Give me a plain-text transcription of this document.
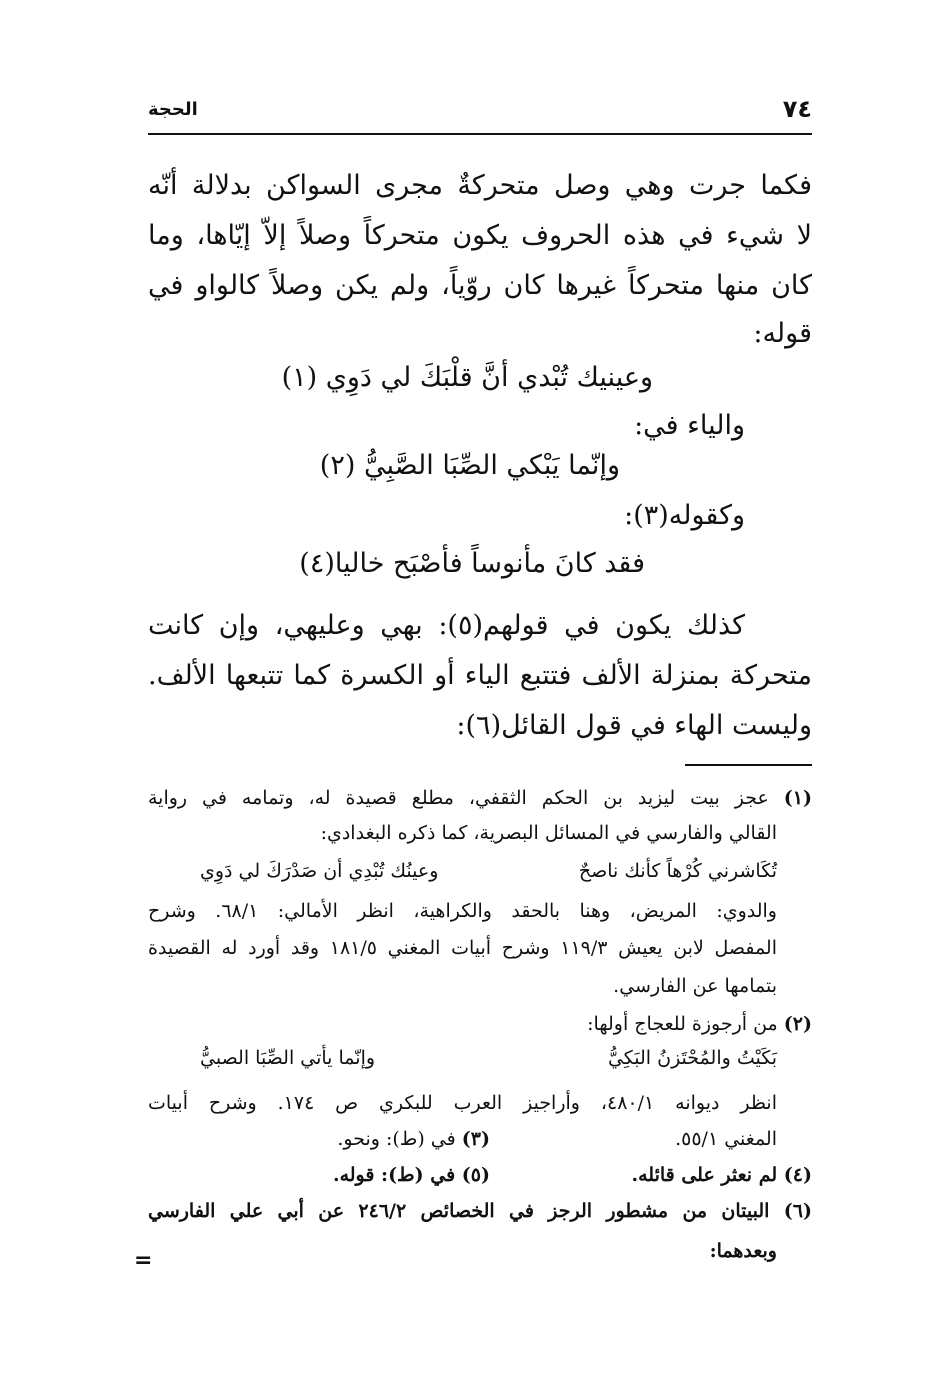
٧٤
الحجة
فكما جرت وهي وصل متحركةٌ مجرى السواكن بدلالة أنّه
لا شيء في هذه الحروف يكون متحركاً وصلاً إلاّ إيّاها، وما
كان منها متحركاً غيرها كان روّياً، ولم يكن وصلاً كالواو في
قوله:
وعينيك تُبْدي أنَّ قلْبَكَ لي دَوِي (١)
والياء في:
وإنّما يَبْكي الصِّبَا الصَّبِيُّ (٢)
وكقوله(٣):
فقد كانَ مأنوساً فأصْبَح خاليا(٤)
كذلك يكون في قولهم(٥): بهي وعليهي، وإن كانت
متحركة بمنزلة الألف فتتبع الياء أو الكسرة كما تتبعها الألف.
وليست الهاء في قول القائل(٦):
(١) عجز بيت ليزيد بن الحكم الثقفي، مطلع قصيدة له، وتمامه في رواية
القالي والفارسي في المسائل البصرية، كما ذكره البغدادي:
تُكَاشرني كُرْهاً كأنك ناصحٌ
وعينُك تُبْدِي أن صَدْرَكَ لي دَوِي
والدوي: المريض، وهنا بالحقد والكراهية، انظر الأمالي: ٦٨/١. وشرح
المفصل لابن يعيش ١١٩/٣ وشرح أبيات المغني ١٨١/٥ وقد أورد له القصيدة
بتمامها عن الفارسي.
(٢) من أرجوزة للعجاج أولها:
بَكَيْتُ والمُحْتَزنُ البَكِيُّ
وإنّما يأتي الصِّبَا الصبيُّ
انظر ديوانه ٤٨٠/١، وأراجيز العرب للبكري ص ١٧٤. وشرح أبيات
المغني ٥٥/١.
(٣) في (ط): ونحو.
(٤) لم نعثر على قائله.
(٥) في (ط): قوله.
(٦) البيتان من مشطور الرجز في الخصائص ٢٤٦/٢ عن أبي علي الفارسي
وبعدهما:
=
